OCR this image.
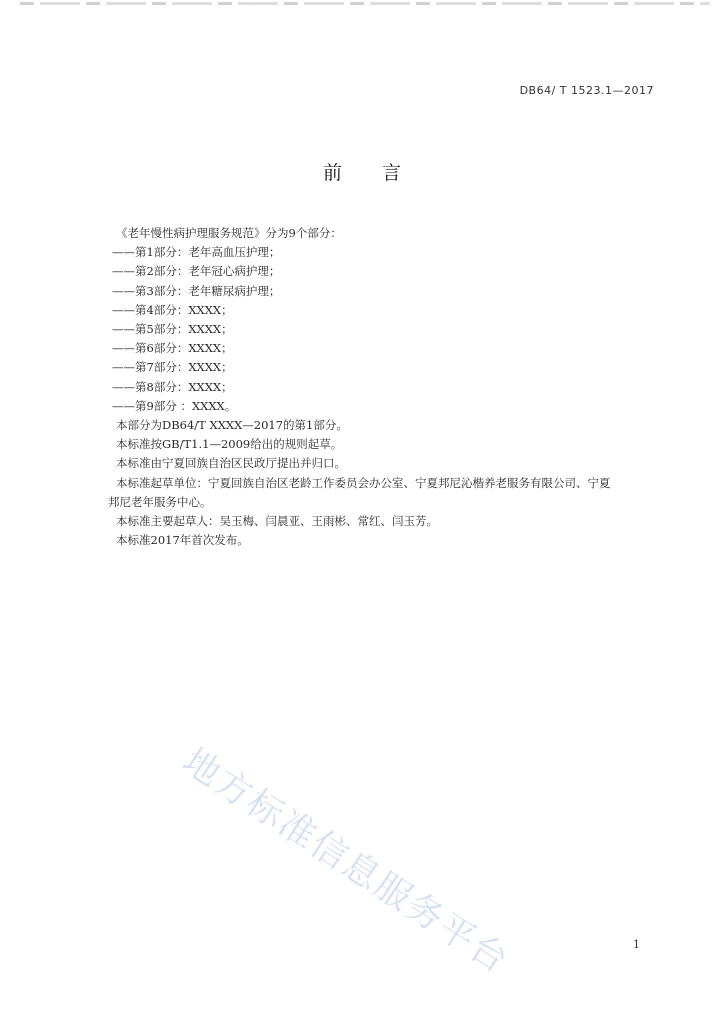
DB64/ T 1523.1—2017
前 言
《老年慢性病护理服务规范》分为9个部分：
——第1部分：老年高血压护理；
——第2部分：老年冠心病护理；
——第3部分：老年糖尿病护理；
——第4部分：XXXX；
——第5部分：XXXX；
——第6部分：XXXX；
——第7部分：XXXX；
——第8部分：XXXX；
——第9部分 ：XXXX。
本部分为DB64/T XXXX—2017的第1部分。
本标准按GB/T1.1—2009给出的规则起草。
本标准由宁夏回族自治区民政厅提出并归口。
本标准起草单位：宁夏回族自治区老龄工作委员会办公室、宁夏邦尼沁楷养老服务有限公司、宁夏
邦尼老年服务中心。
本标准主要起草人：吴玉梅、闫晨亚、王雨彬、常红、闫玉芳。
本标准2017年首次发布。
地方标准信息服务平台	1
